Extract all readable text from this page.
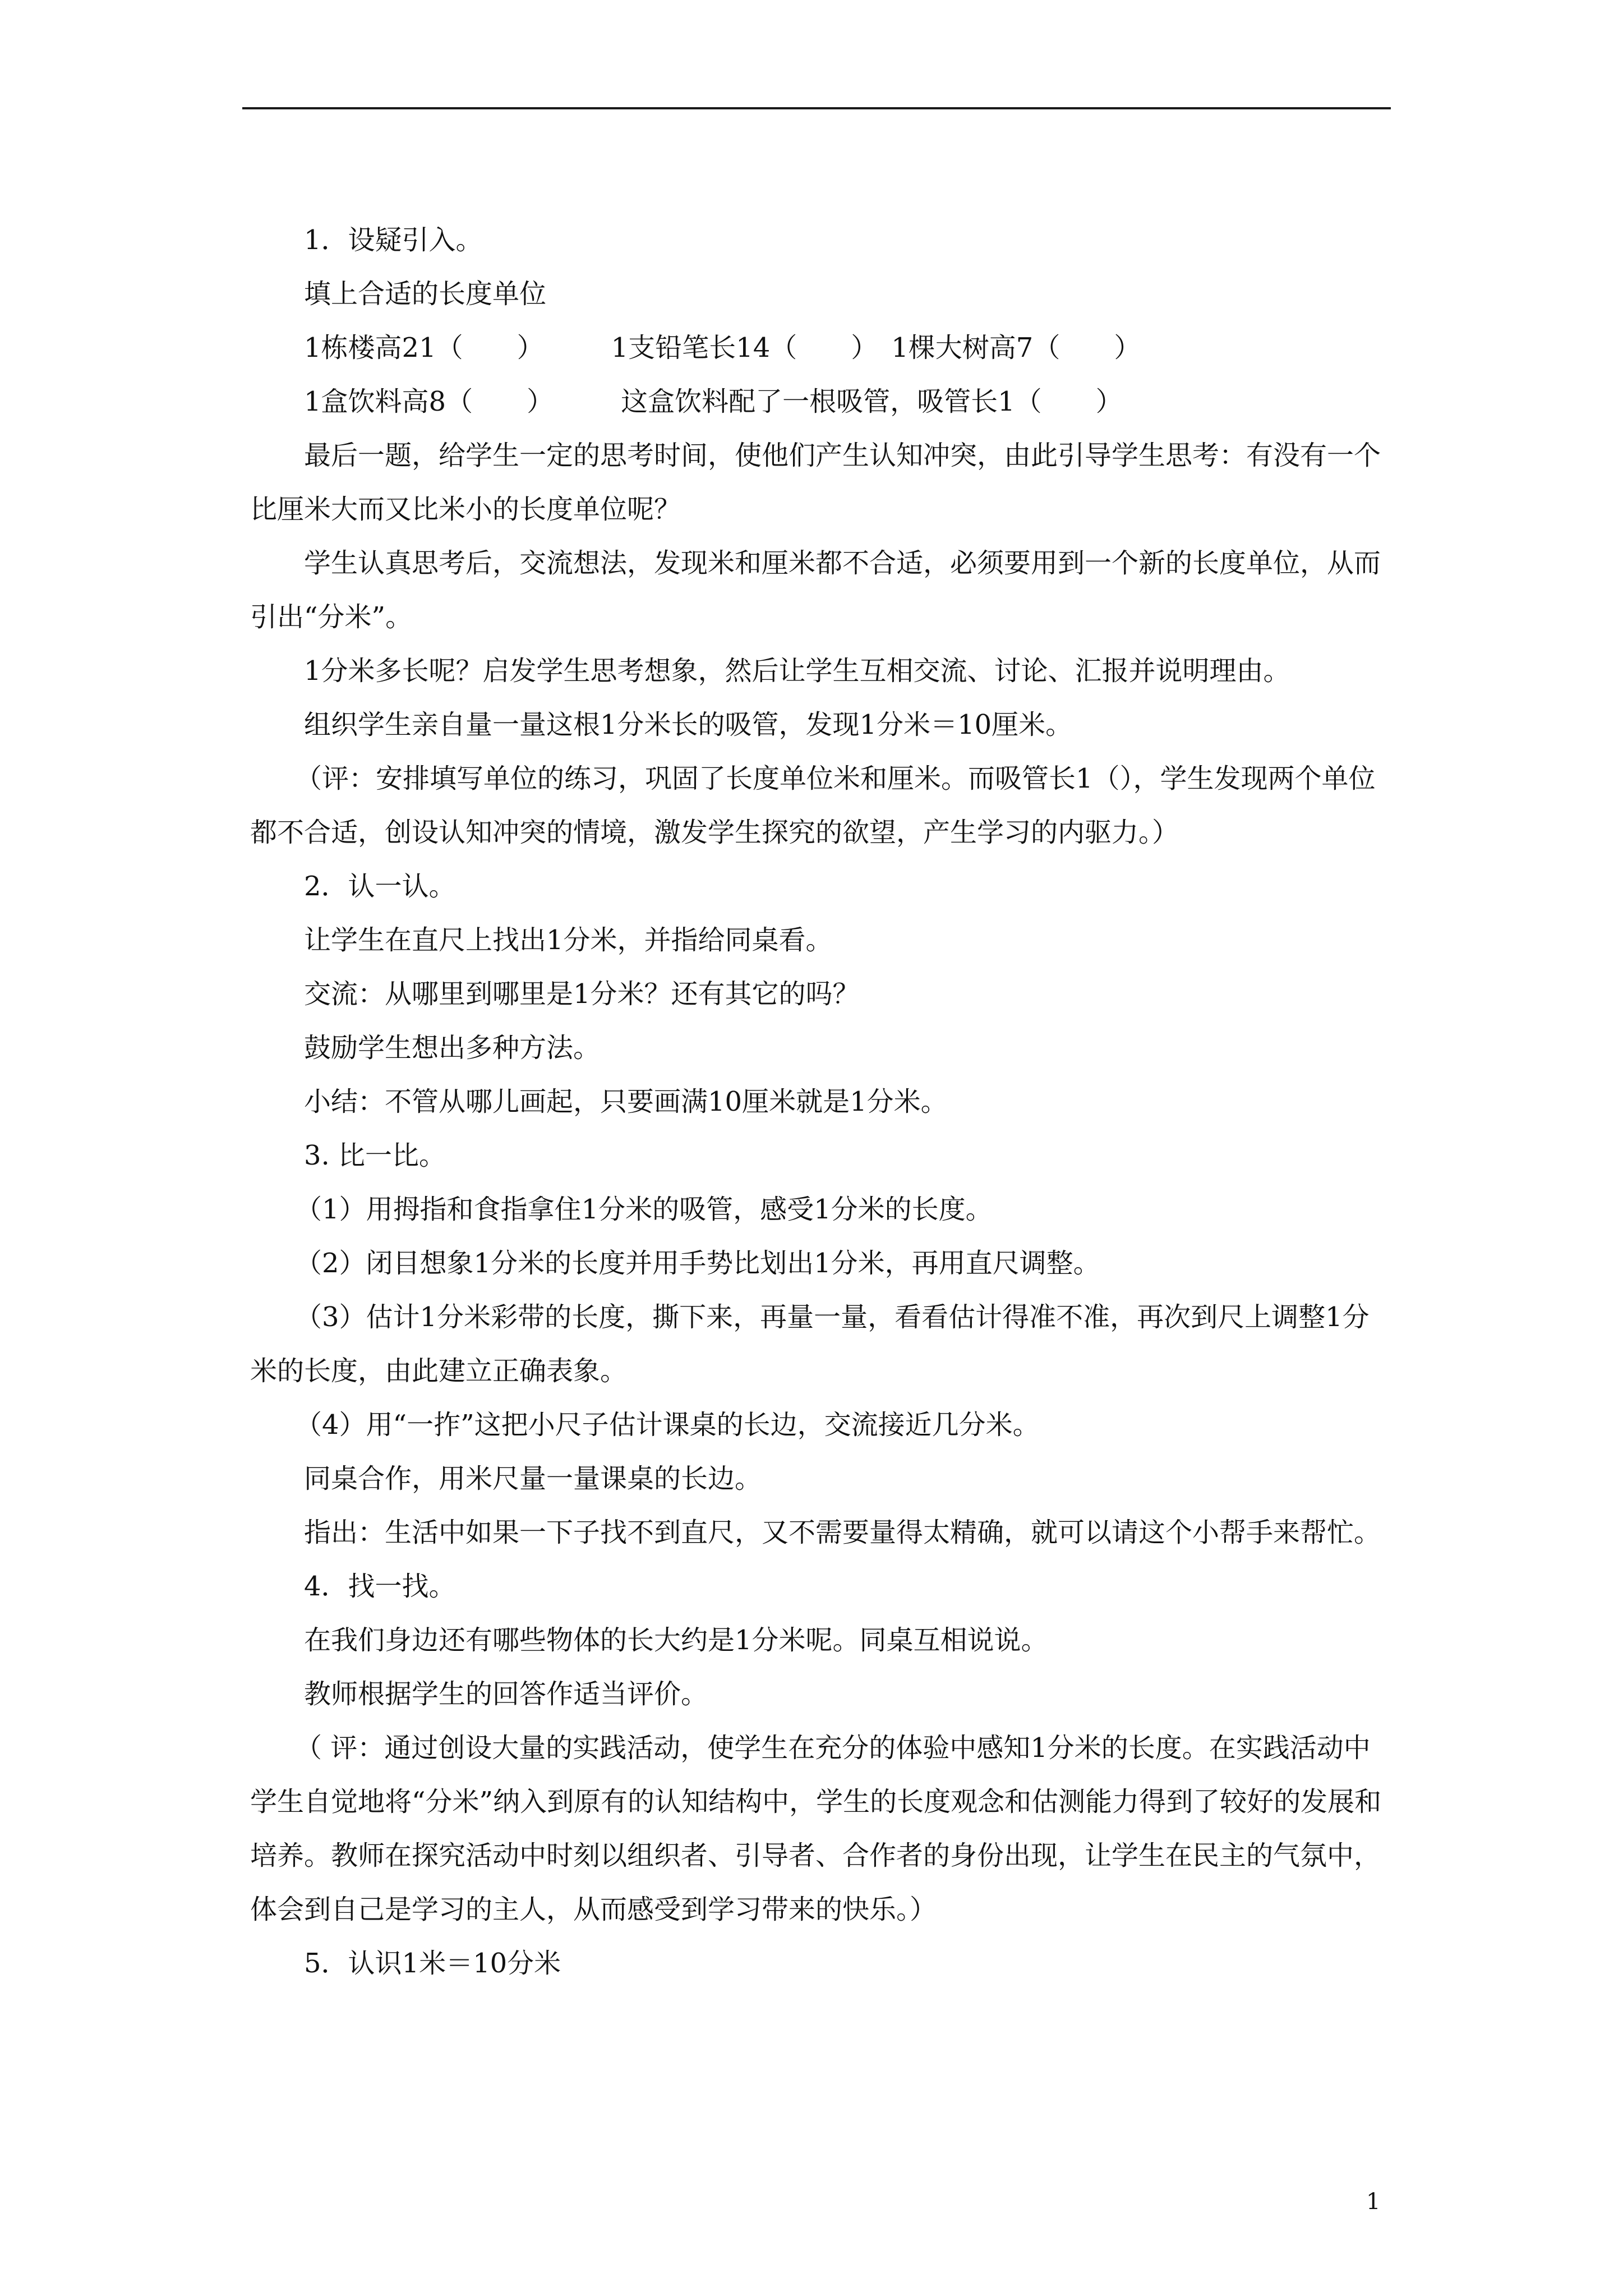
1．设疑引入。

填上合适的长度单位

1栋楼高21（　　）　　　1支铅笔长14（　　）　1棵大树高7（　　）

1盒饮料高8（　　）　　　这盒饮料配了一根吸管，吸管长1（　　）

最后一题，给学生一定的思考时间，使他们产生认知冲突，由此引导学生思考：有没有一个比厘米大而又比米小的长度单位呢？

学生认真思考后，交流想法，发现米和厘米都不合适，必须要用到一个新的长度单位，从而引出“分米”。

1分米多长呢？启发学生思考想象，然后让学生互相交流、讨论、汇报并说明理由。

组织学生亲自量一量这根1分米长的吸管，发现1分米＝10厘米。

（评：安排填写单位的练习，巩固了长度单位米和厘米。而吸管长1（），学生发现两个单位都不合适，创设认知冲突的情境，激发学生探究的欲望，产生学习的内驱力。）

2．认一认。

让学生在直尺上找出1分米，并指给同桌看。

交流：从哪里到哪里是1分米？还有其它的吗？

鼓励学生想出多种方法。

小结：不管从哪儿画起，只要画满10厘米就是1分米。

3. 比一比。

（1）用拇指和食指拿住1分米的吸管，感受1分米的长度。

（2）闭目想象1分米的长度并用手势比划出1分米，再用直尺调整。

（3）估计1分米彩带的长度，撕下来，再量一量，看看估计得准不准，再次到尺上调整1分米的长度，由此建立正确表象。

（4）用“一拃”这把小尺子估计课桌的长边，交流接近几分米。

同桌合作，用米尺量一量课桌的长边。

指出：生活中如果一下子找不到直尺，又不需要量得太精确，就可以请这个小帮手来帮忙。

4．找一找。

在我们身边还有哪些物体的长大约是1分米呢。同桌互相说说。

教师根据学生的回答作适当评价。

（ 评：通过创设大量的实践活动，使学生在充分的体验中感知1分米的长度。在实践活动中学生自觉地将“分米”纳入到原有的认知结构中，学生的长度观念和估测能力得到了较好的发展和培养。教师在探究活动中时刻以组织者、引导者、合作者的身份出现，让学生在民主的气氛中，体会到自己是学习的主人，从而感受到学习带来的快乐。）

5．认识1米＝10分米

1
